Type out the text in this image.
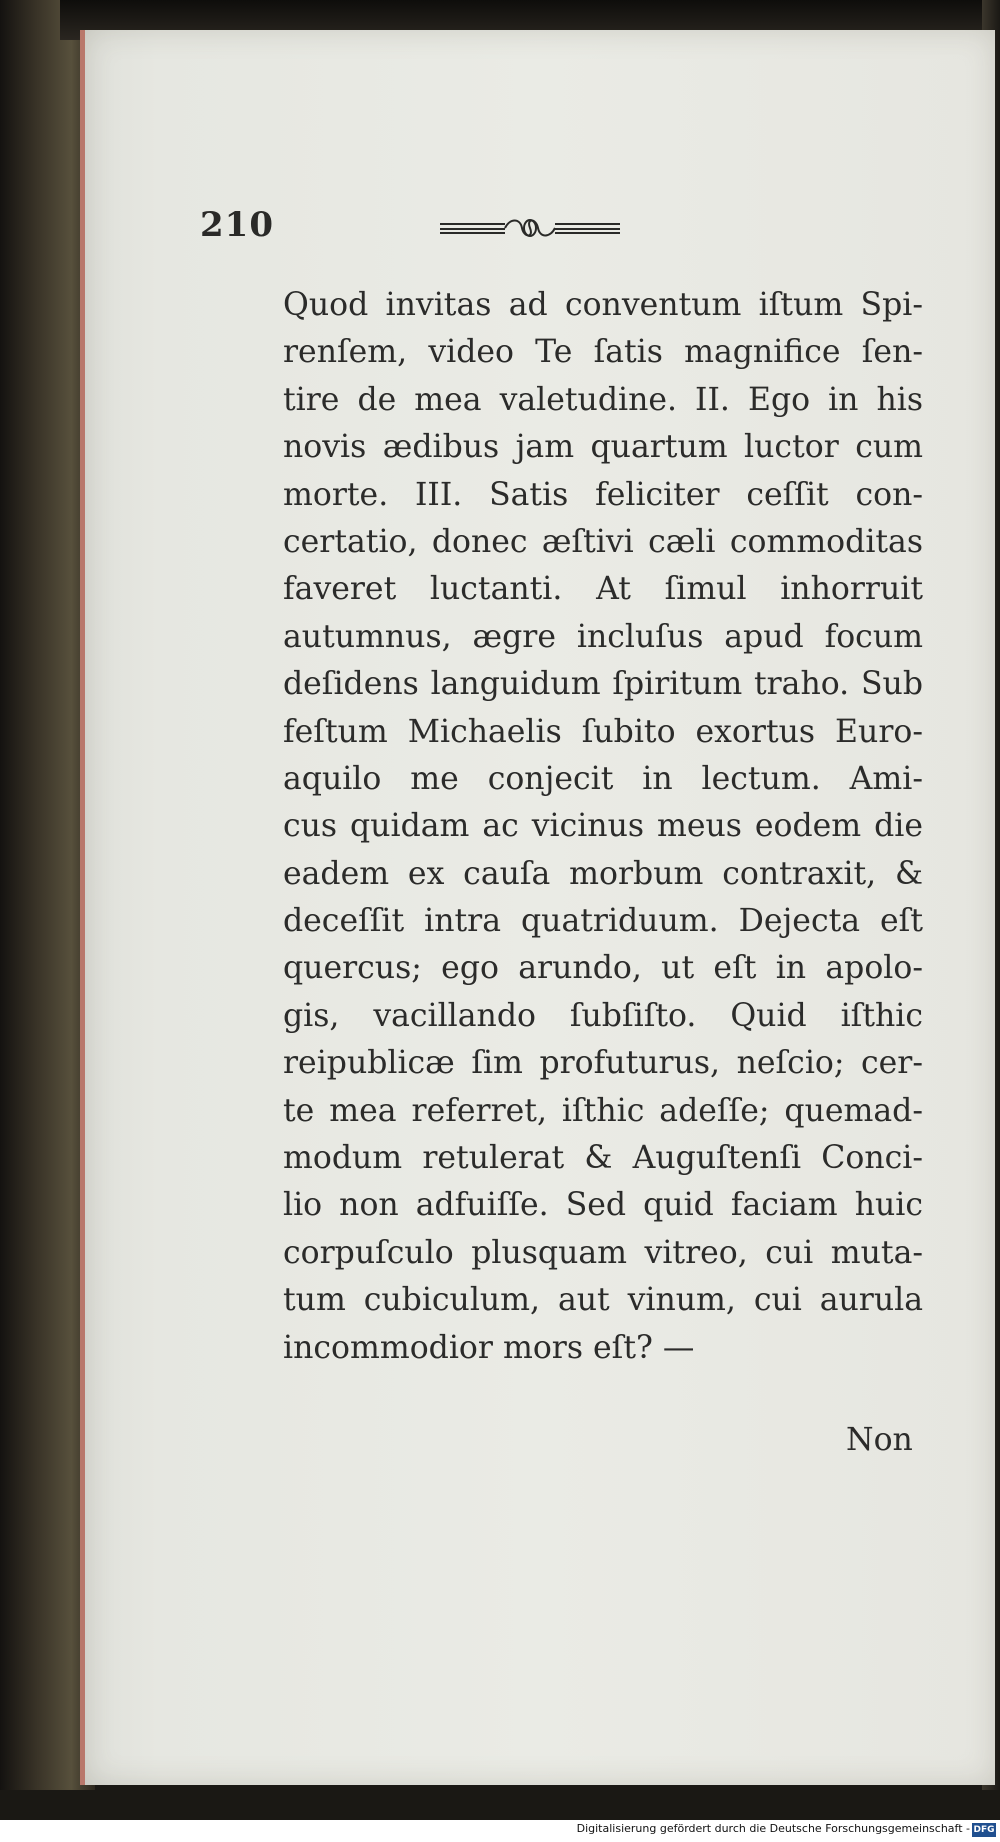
210
Quod invitas ad conventum iſtum Spi-
renſem, video Te ſatis magnifice ſen-
tire de mea valetudine. II. Ego in his
novis ædibus jam quartum luctor cum
morte. III. Satis feliciter ceſſit con-
certatio, donec æſtivi cæli commoditas
faveret luctanti. At ſimul inhorruit
autumnus, ægre incluſus apud focum
deſidens languidum ſpiritum traho. Sub
feſtum Michaelis ſubito exortus Euro-
aquilo me conjecit in lectum. Ami-
cus quidam ac vicinus meus eodem die
eadem ex cauſa morbum contraxit, &
deceſſit intra quatriduum. Dejecta eſt
quercus; ego arundo, ut eſt in apolo-
gis, vacillando ſubſiſto. Quid iſthic
reipublicæ ſim profuturus, neſcio; cer-
te mea referret, iſthic adeſſe; quemad-
modum retulerat & Auguſtenſi Conci-
lio non adfuiſſe. Sed quid faciam huic
corpuſculo plusquam vitreo, cui muta-
tum cubiculum, aut vinum, cui aurula
incommodior mors eſt? —
Non
Digitalisierung gefördert durch die Deutsche Forschungsgemeinschaft - DFG
